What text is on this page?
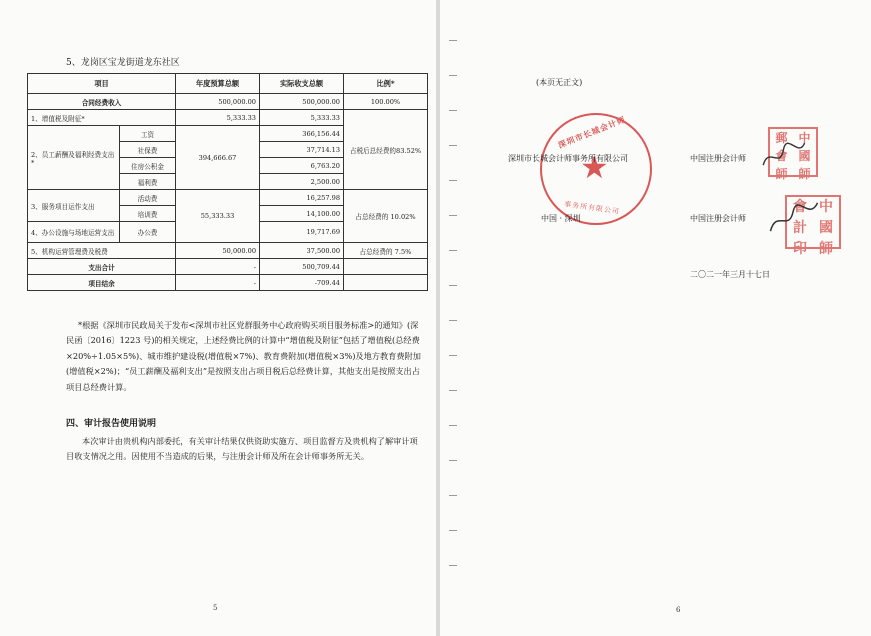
5、龙岗区宝龙街道龙东社区
项目		年度预算总额	实际收支总额	比例*
合同经费收入		500,000.00	500,000.00	100.00%
1、增值税及附征*		5,333.33	5,333.33	占税后总经费的83.52%
2、员工薪酬及福利经费支出*	工资	394,666.67	366,156.44	
	社保费		37,714.13	
	住房公积金		6,763.20	
	福利费		2,500.00	
3、服务项目运作支出	活动费	55,333.33	16,257.98	占总经费的 10.02%
	培训费		14,100.00	
4、办公设施与场地运营支出	办公费		19,717.69	
5、机构运营管理费及税费		50,000.00	37,500.00	占总经费的 7.5%
支出合计		-	500,709.44	
项目结余		-	-709.44	
*根据《深圳市民政局关于发布<深圳市社区党群服务中心政府购买项目服务标准>的通知》(深民函〔2016〕1223 号)的相关规定，上述经费比例的计算中“增值税及附征”包括了增值税(总经费×20%÷1.05×5%)、城市维护建设税(增值税×7%)、教育费附加(增值税×3%)及地方教育费附加(增值税×2%)；“员工薪酬及福利支出”是按照支出占项目税后总经费计算，其他支出是按照支出占项目总经费计算。
四、审计报告使用说明
本次审计由贵机构内部委托，有关审计结果仅供资助实施方、项目监督方及贵机构了解审计项目收支情况之用。因使用不当造成的后果，与注册会计师及所在会计师事务所无关。
5
(本页无正文)
深圳市长城会计师
★
事务所有限公司
深圳市长城会计师事务所有限公司	中国注册会计师
中国 · 深圳	中国注册会计师
二〇二一年三月十七日
郵 中
會 國
師 師
會 中
計 國
印 師
6
